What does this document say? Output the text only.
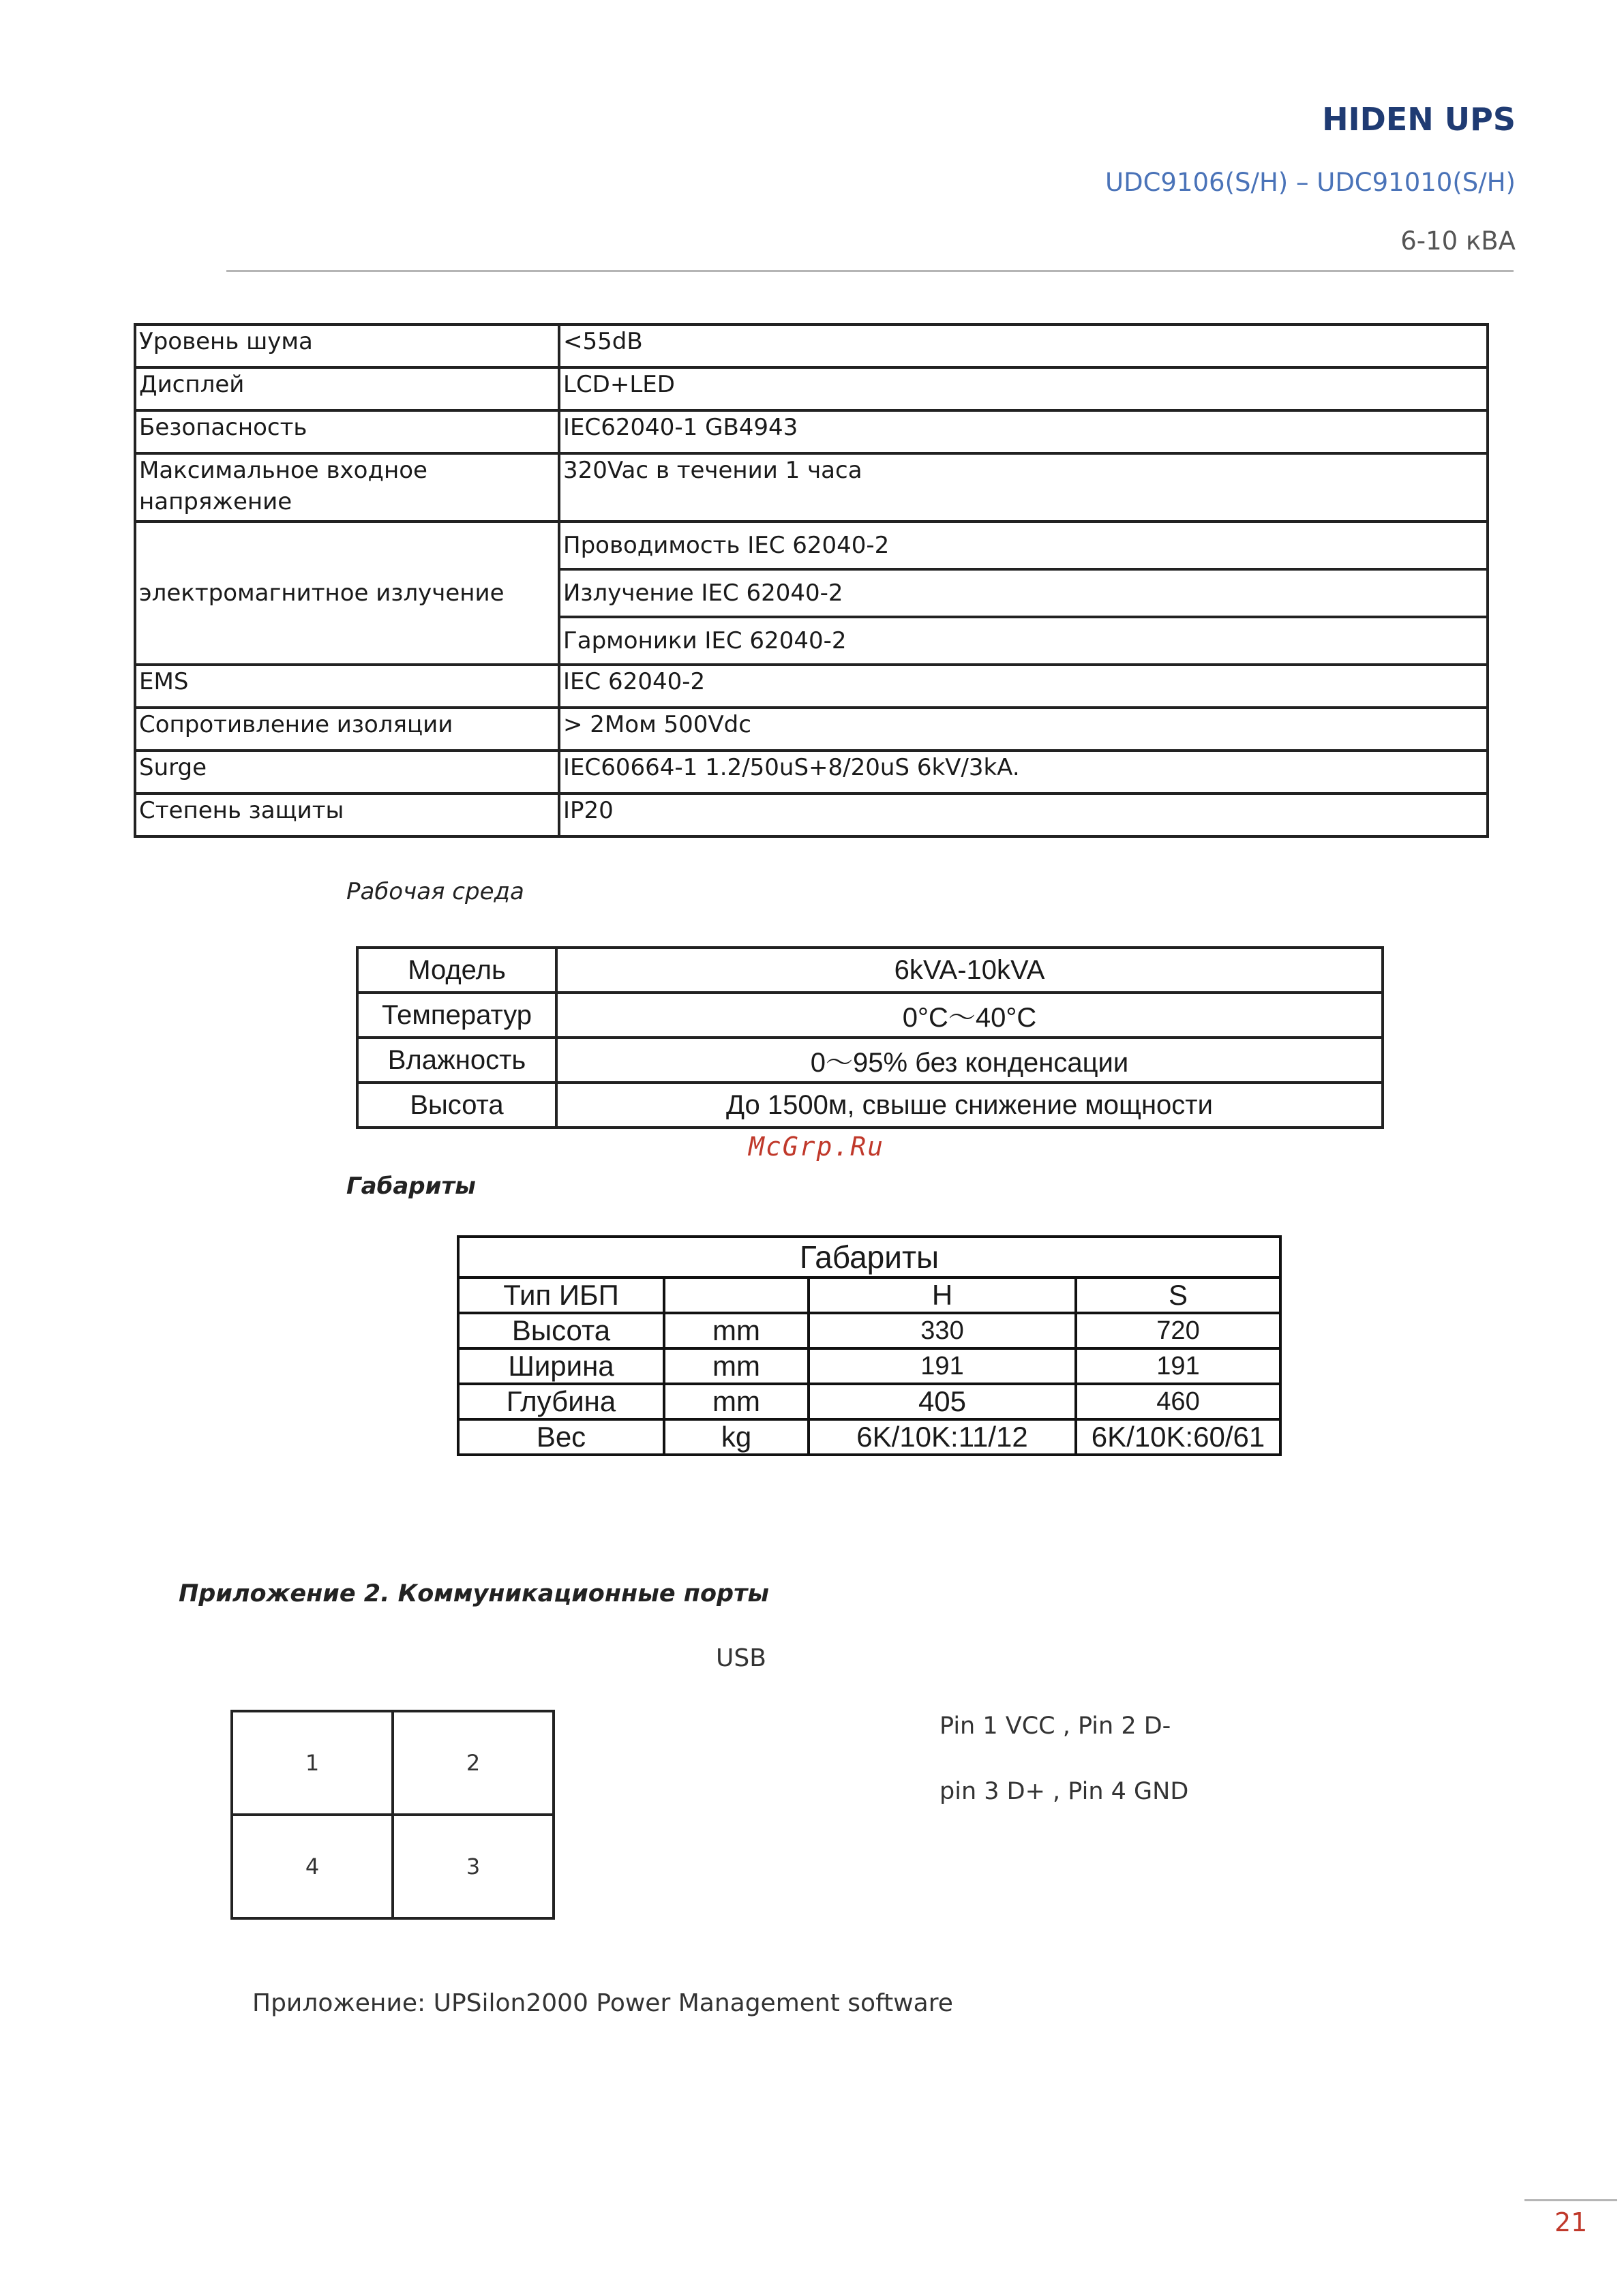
HIDEN UPS
UDC9106(S/H) – UDC91010(S/H)
6-10 кВА
Уровень шума	<55dB
Дисплей	LCD+LED
Безопасность	IEC62040-1 GB4943
Максимальное входное напряжение	320Vac в течении 1 часа
электромагнитное излучение	Проводимость IEC 62040-2
	Излучение IEC 62040-2
	Гармоники IEC 62040-2
EMS	IEC 62040-2
Сопротивление изоляции	> 2Мом 500Vdc
Surge	IEC60664-1 1.2/50uS+8/20uS 6kV/3kA.
Степень защиты	IP20
Рабочая среда
Модель	6kVA-10kVA
Температур	0°C～40°C
Влажность	0～95% без конденсации
Высота	До 1500м, свыше снижение мощности
McGrp.Ru
Габариты
Габариты			
Тип ИБП		H	S
Высота	mm	330	720
Ширина	mm	191	191
Глубина	mm	405	460
Вес	kg	6K/10K:11/12	6K/10K:60/61
Приложение 2. Коммуникационные порты
USB
1	2
4	3
Pin 1 VCC , Pin 2 D-
pin 3 D+ , Pin 4 GND
Приложение: UPSilon2000 Power Management software
21
